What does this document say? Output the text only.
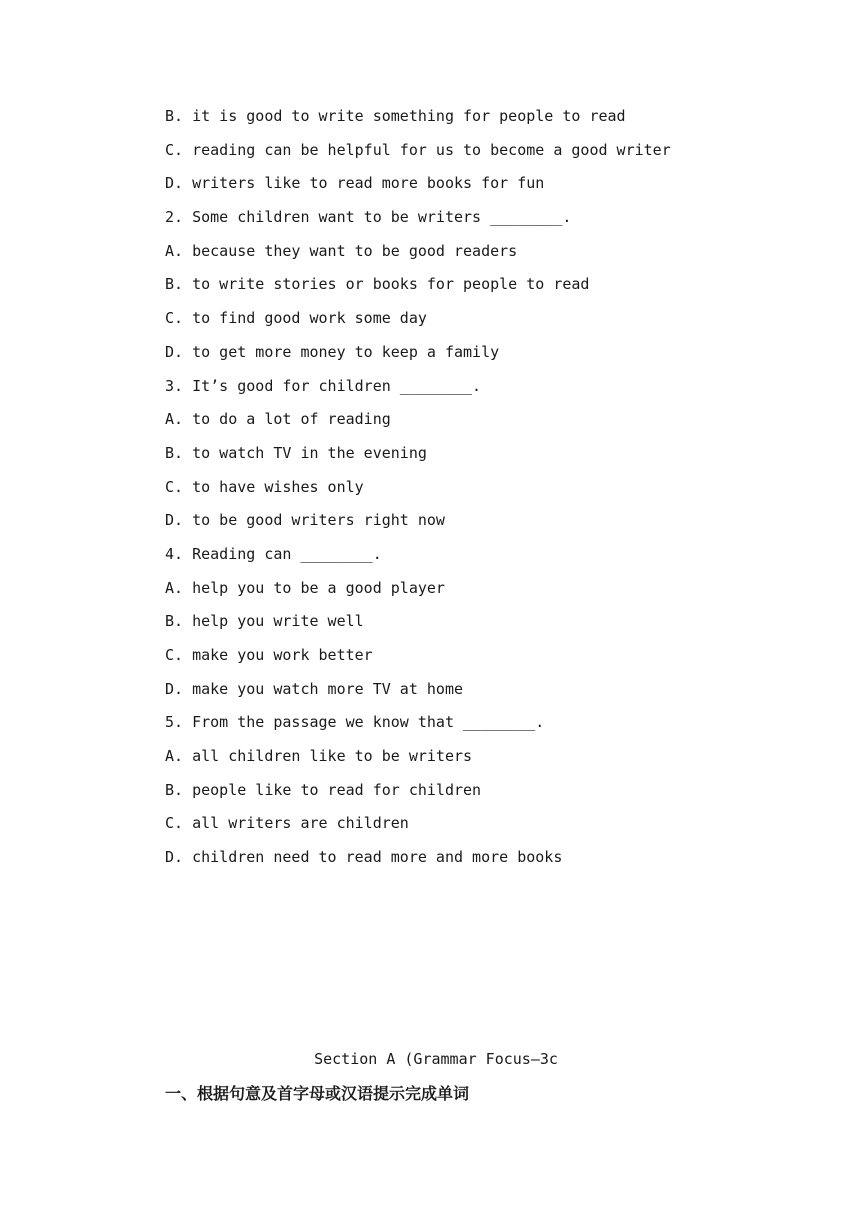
B. it is good to write something for people to read
C. reading can be helpful for us to become a good writer
D. writers like to read more books for fun
2. Some children want to be writers ________.
A. because they want to be good readers
B. to write stories or books for people to read
C. to find good work some day
D. to get more money to keep a family
3. It’s good for children ________.
A. to do a lot of reading
B. to watch TV in the evening
C. to have wishes only
D. to be good writers right now
4. Reading can ________.
A. help you to be a good player
B. help you write well
C. make you work better
D. make you watch more TV at home
5. From the passage we know that ________.
A. all children like to be writers
B. people like to read for children
C. all writers are children
D. children need to read more and more books
Section A (Grammar Focus—3c
一、根据句意及首字母或汉语提示完成单词
